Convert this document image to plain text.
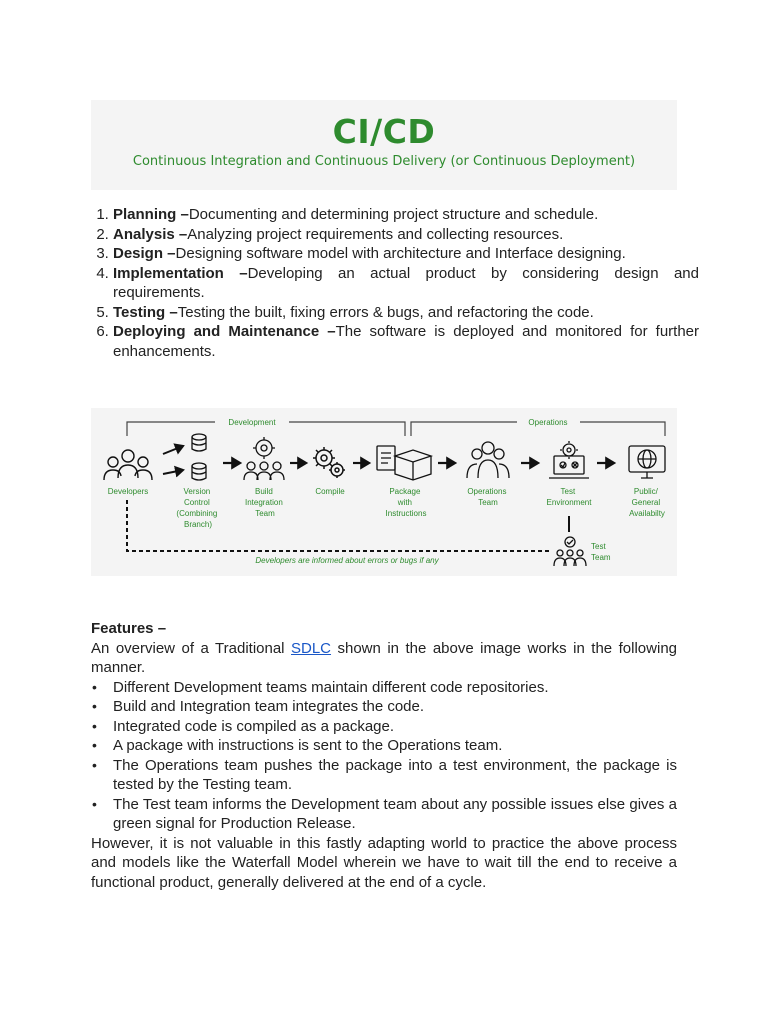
CI/CD
Continuous Integration and Continuous Delivery (or Continuous Deployment)
1. Planning –Documenting and determining project structure and schedule.
2. Analysis –Analyzing project requirements and collecting resources.
3. Design –Designing software model with architecture and Interface designing.
4. Implementation –Developing an actual product by considering design and requirements.
5. Testing –Testing the built, fixing errors & bugs, and refactoring the code.
6. Deploying and Maintenance –The software is deployed and monitored for further enhancements.
Development	Operations
Developers	Version Control (Combining Branch)
Build Integration Team
Compile	Package with Instructions
Operations Team
Test Environment
Public/ General Availabilty
Test Team
Developers are informed about errors or bugs if any

Features –

An overview of a Traditional SDLC shown in the above image works in the following manner.

• Different Development teams maintain different code repositories.
• Build and Integration team integrates the code.
• Integrated code is compiled as a package.
• A package with instructions is sent to the Operations team.
• The Operations team pushes the package into a test environment, the package is tested by the Testing team.
• The Test team informs the Development team about any possible issues else gives a green signal for Production Release.

However, it is not valuable in this fastly adapting world to practice the above process and models like the Waterfall Model wherein we have to wait till the end to receive a functional product, generally delivered at the end of a cycle.
